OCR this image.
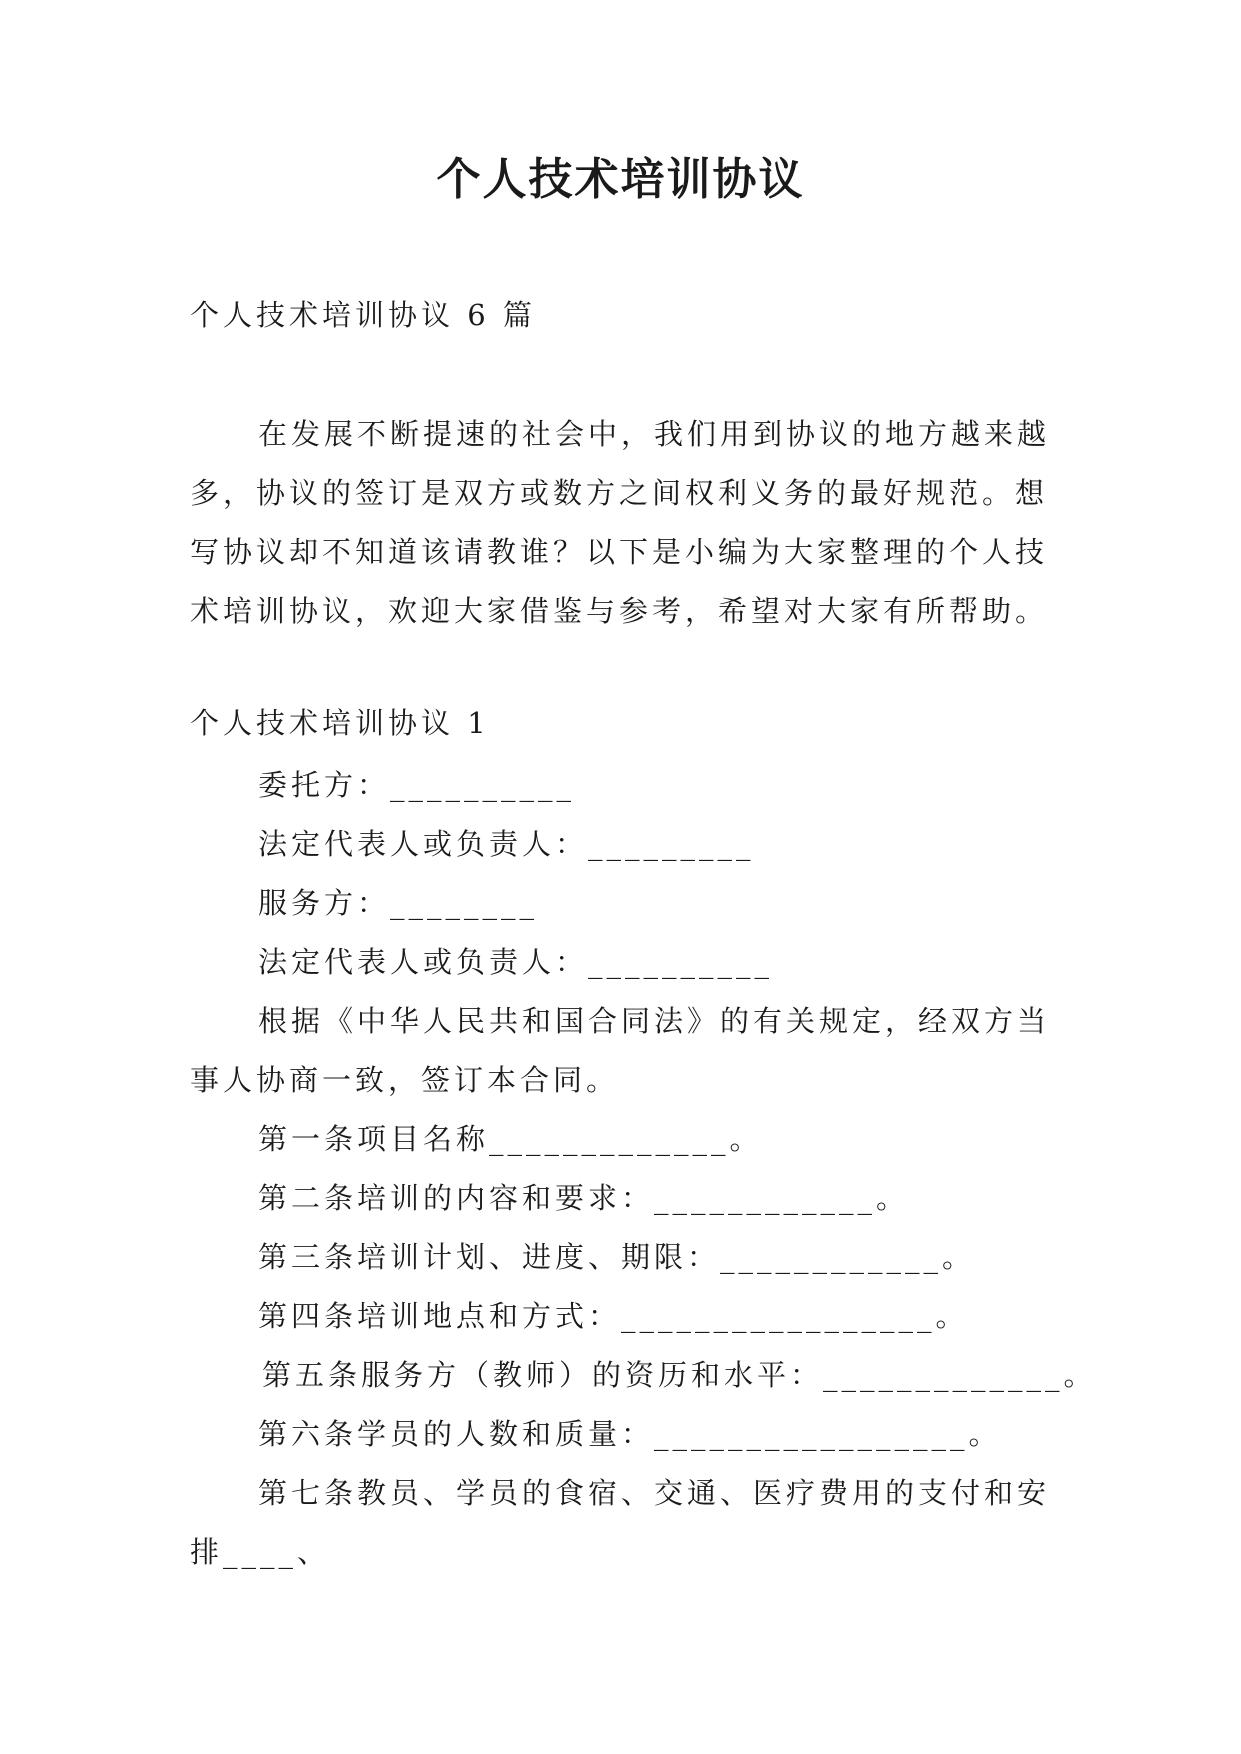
个人技术培训协议
个人技术培训协议 6 篇

在发展不断提速的社会中，我们用到协议的地方越来越多，协议的签订是双方或数方之间权利义务的最好规范。想写协议却不知道该请教谁？以下是小编为大家整理的个人技术培训协议，欢迎大家借鉴与参考，希望对大家有所帮助。

个人技术培训协议 1

委托方：__________

法定代表人或负责人：_________

服务方：________

法定代表人或负责人：__________

根据《中华人民共和国合同法》的有关规定，经双方当事人协商一致，签订本合同。

第一条项目名称_____________。

第二条培训的内容和要求：____________。

第三条培训计划、进度、期限：____________。

第四条培训地点和方式：_________________。

第五条服务方（教师）的资历和水平：_____________。

第六条学员的人数和质量：_________________。

第七条教员、学员的食宿、交通、医疗费用的支付和安排____、
